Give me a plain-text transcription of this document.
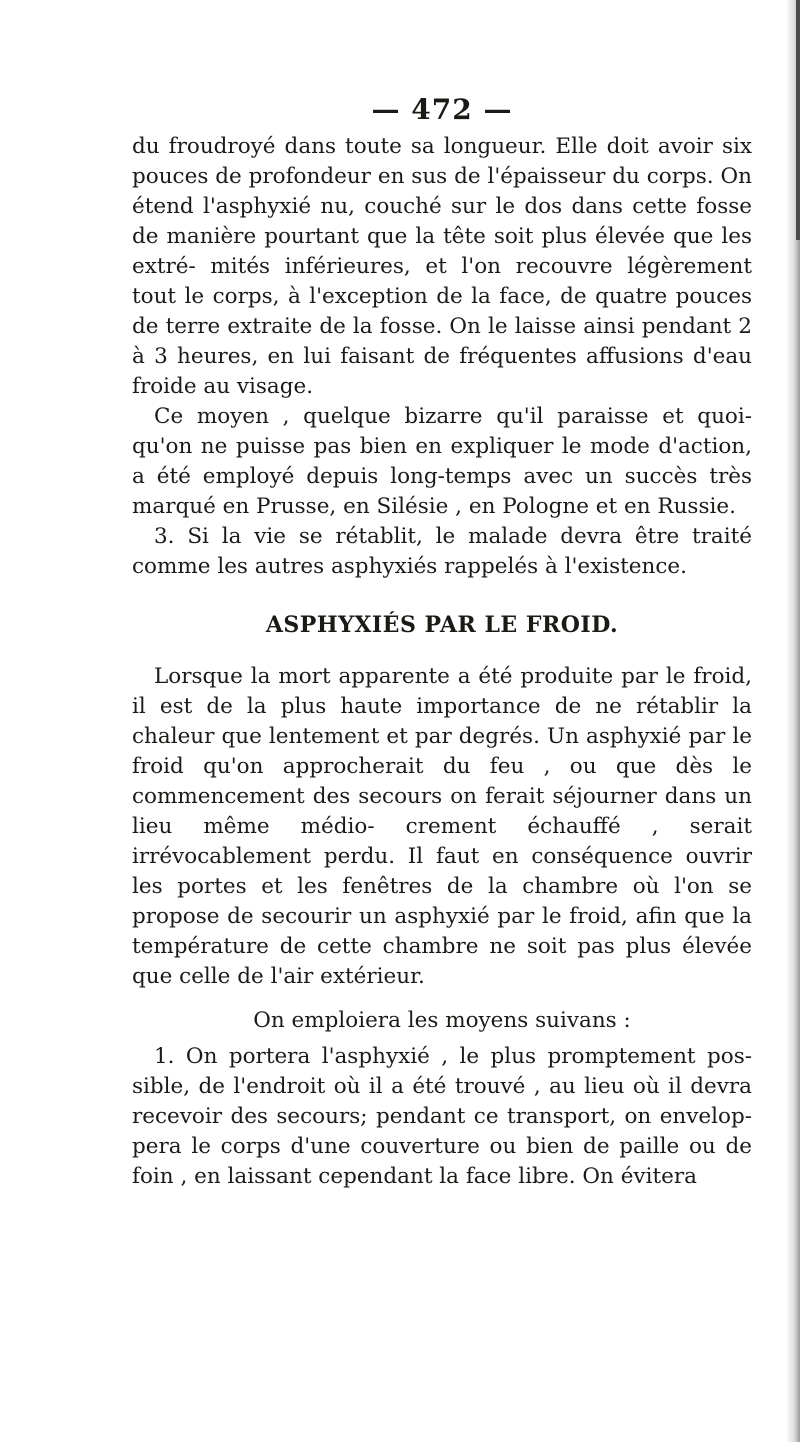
— 472 —

du froudroyé dans toute sa longueur. Elle doit avoir six pouces de profondeur en sus de l'épaisseur du corps. On étend l'asphyxié nu, couché sur le dos dans cette fosse de manière pourtant que la tête soit plus élevée que les extré- mités inférieures, et l'on recouvre légèrement tout le corps, à l'exception de la face, de quatre pouces de terre extraite de la fosse. On le laisse ainsi pendant 2 à 3 heures, en lui faisant de fréquentes affusions d'eau froide au visage.

Ce moyen , quelque bizarre qu'il paraisse et quoi- qu'on ne puisse pas bien en expliquer le mode d'action, a été employé depuis long-temps avec un succès très marqué en Prusse, en Silésie , en Pologne et en Russie.

3. Si la vie se rétablit, le malade devra être traité comme les autres asphyxiés rappelés à l'existence.

ASPHYXIÉS PAR LE FROID.

Lorsque la mort apparente a été produite par le froid, il est de la plus haute importance de ne rétablir la chaleur que lentement et par degrés. Un asphyxié par le froid qu'on approcherait du feu , ou que dès le commencement des secours on ferait séjourner dans un lieu même médio- crement échauffé , serait irrévocablement perdu. Il faut en conséquence ouvrir les portes et les fenêtres de la chambre où l'on se propose de secourir un asphyxié par le froid, afin que la température de cette chambre ne soit pas plus élevée que celle de l'air extérieur.

On emploiera les moyens suivans :

1. On portera l'asphyxié , le plus promptement pos- sible, de l'endroit où il a été trouvé , au lieu où il devra recevoir des secours; pendant ce transport, on envelop- pera le corps d'une couverture ou bien de paille ou de foin , en laissant cependant la face libre. On évitera
